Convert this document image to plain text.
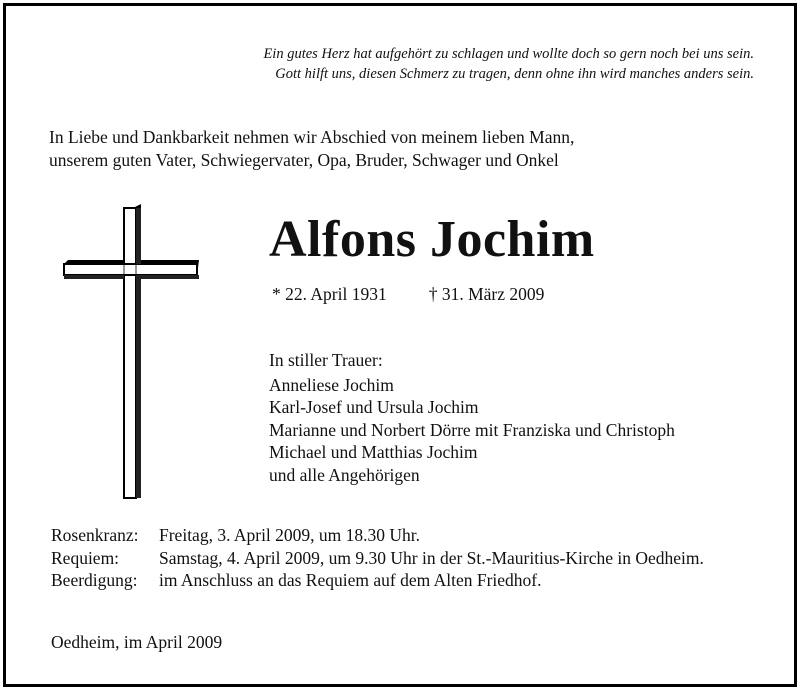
Ein gutes Herz hat aufgehört zu schlagen und wollte doch so gern noch bei uns sein.
Gott hilft uns, diesen Schmerz zu tragen, denn ohne ihn wird manches anders sein.
In Liebe und Dankbarkeit nehmen wir Abschied von meinem lieben Mann,
unserem guten Vater, Schwiegervater, Opa, Bruder, Schwager und Onkel
Alfons Jochim
* 22. April 1931 † 31. März 2009
In stiller Trauer:
Anneliese Jochim
Karl-Josef und Ursula Jochim
Marianne und Norbert Dörre mit Franziska und Christoph
Michael und Matthias Jochim
und alle Angehörigen
Rosenkranz:	Freitag, 3. April 2009, um 18.30 Uhr.
Requiem:	Samstag, 4. April 2009, um 9.30 Uhr in der St.-Mauritius-Kirche in Oedheim.
Beerdigung:	im Anschluss an das Requiem auf dem Alten Friedhof.
Oedheim, im April 2009
